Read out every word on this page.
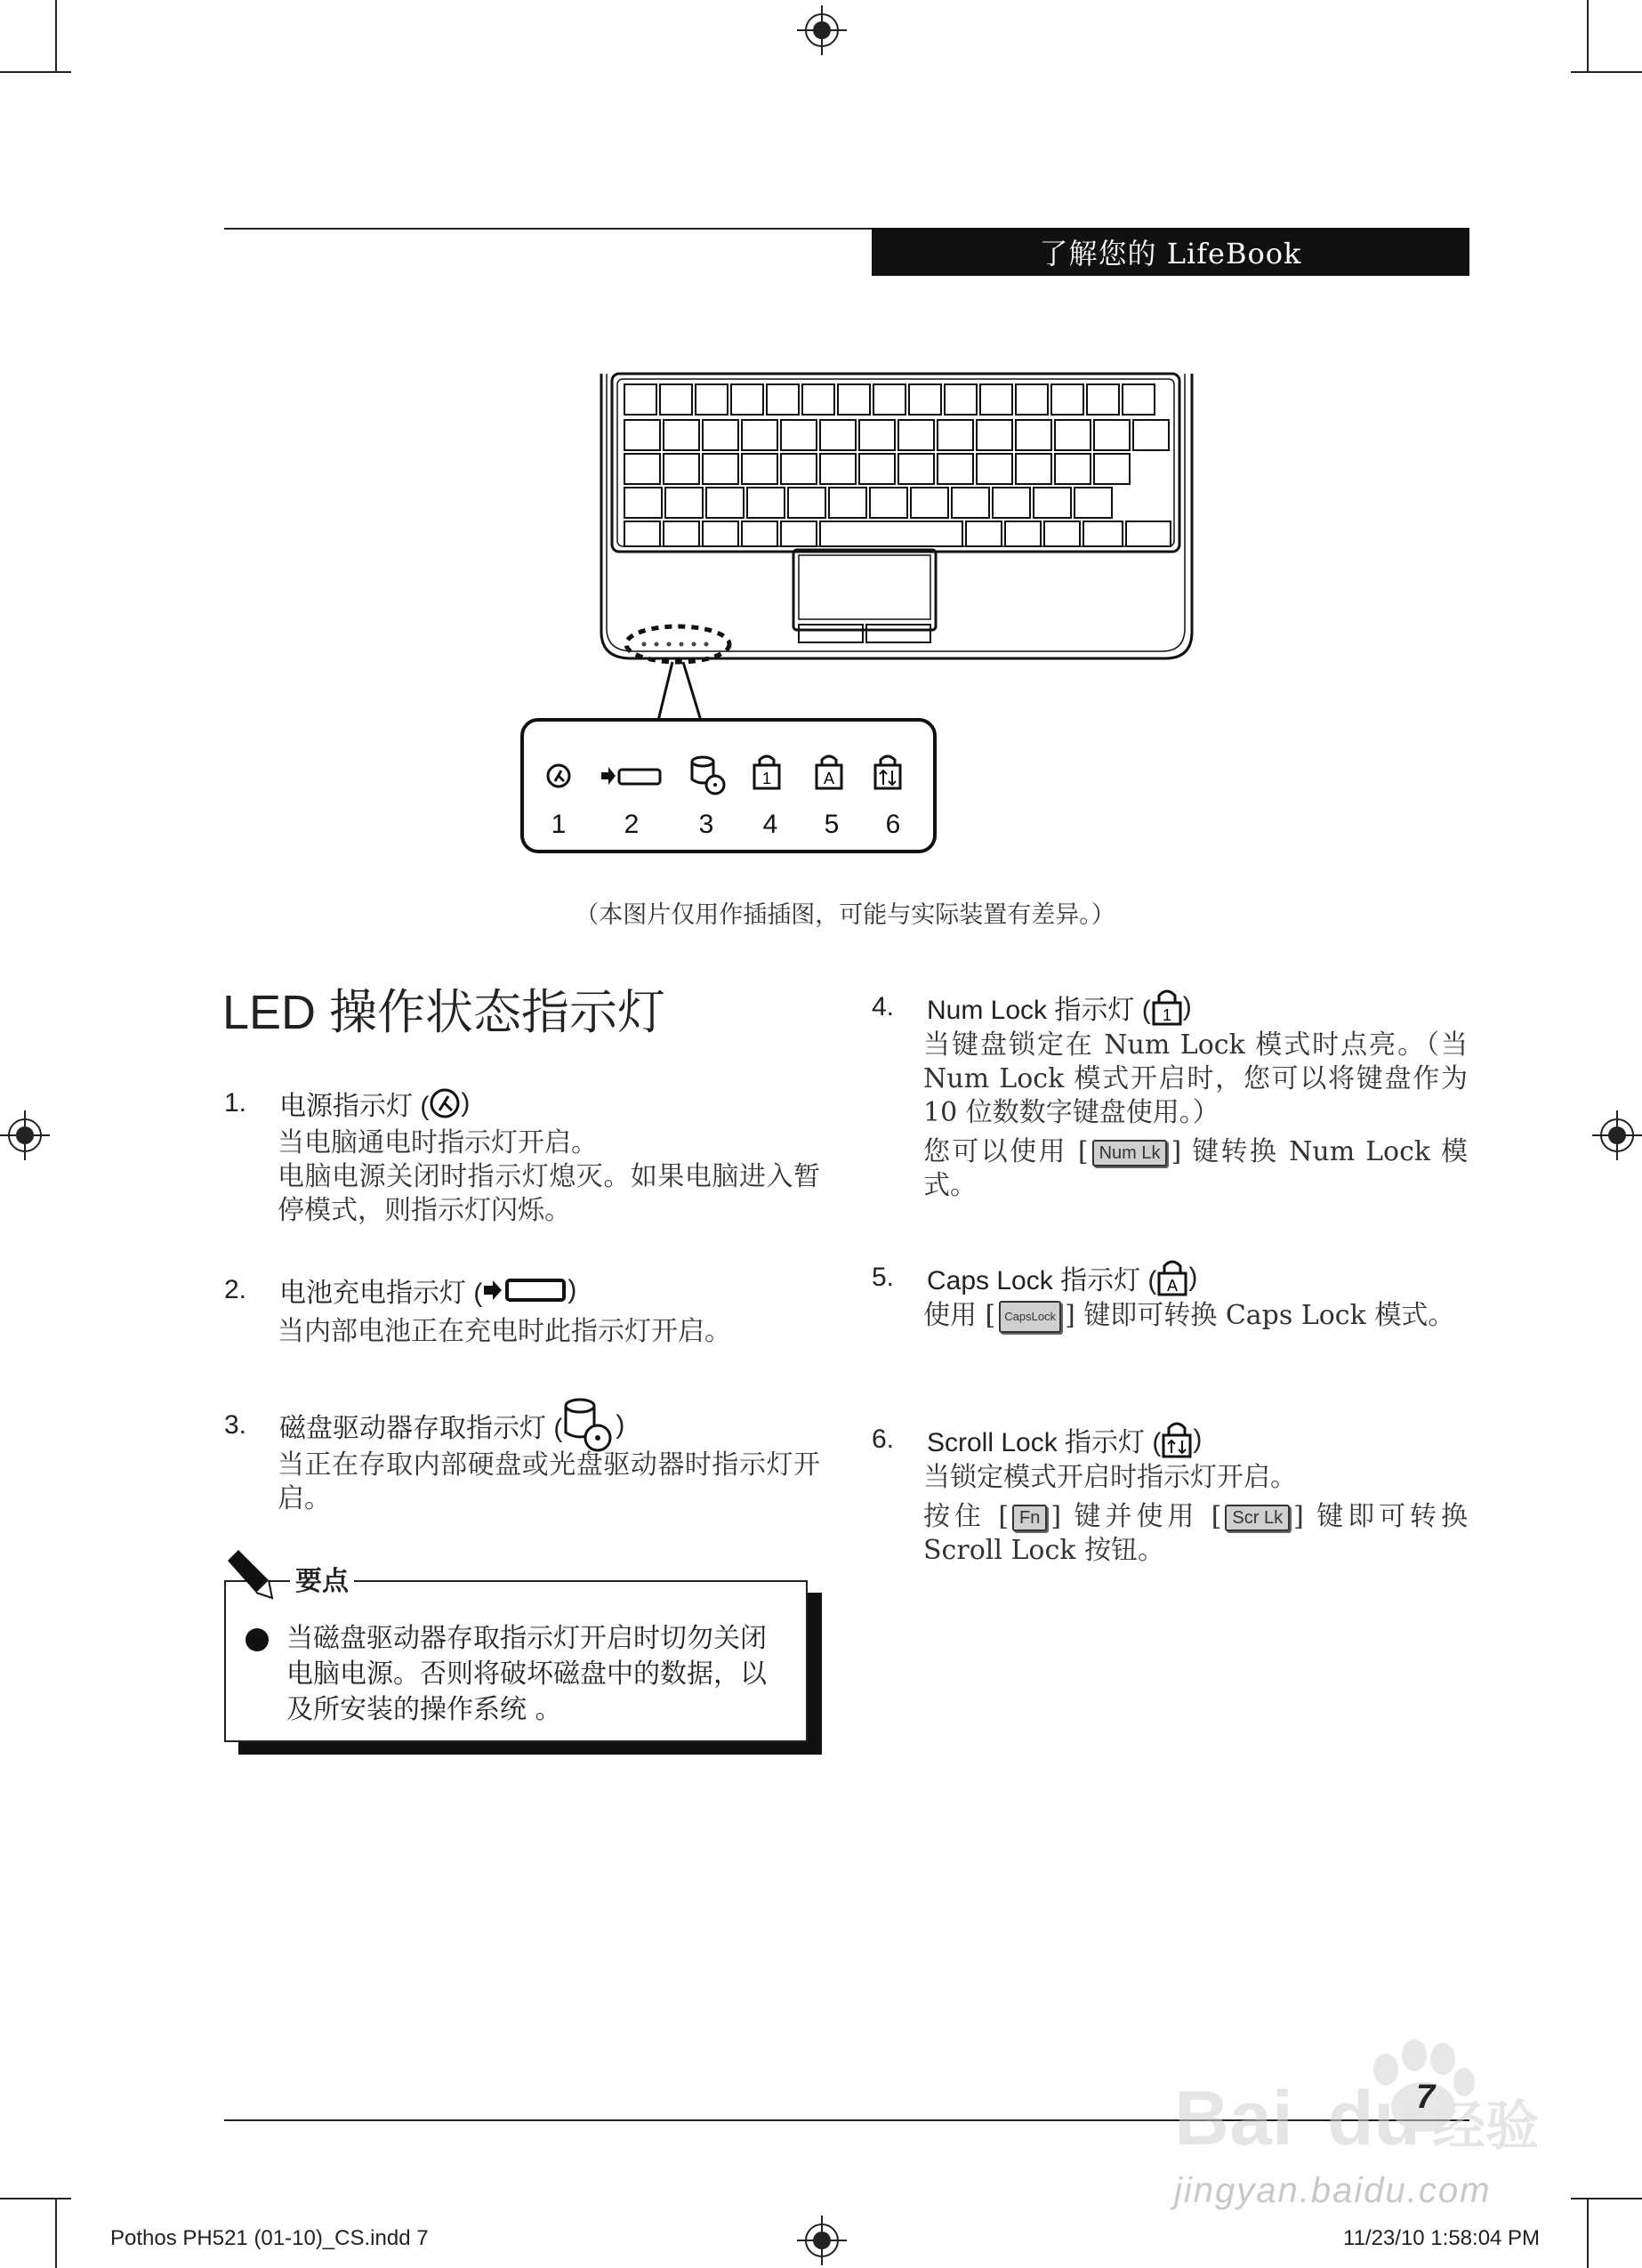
了解您的 LifeBook
1	A
1 2 3 4 5 6
（本图片仅用作插插图，可能与实际装置有差异。）
LED 操作状态指示灯
1.	电源指示灯 ( )
当电脑通电时指示灯开启。
电脑电源关闭时指示灯熄灭。如果电脑进入暂停模式，则指示灯闪烁。
2.	电池充电指示灯 (	)
当内部电池正在充电时此指示灯开启。
3.	磁盘驱动器存取指示灯 ( )
当正在存取内部硬盘或光盘驱动器时指示灯开启。
要点
当磁盘驱动器存取指示灯开启时切勿关闭电脑电源。否则将破坏磁盘中的数据，以及所安装的操作系统 。
4.	Num Lock 指示灯 ( 1 )
当键盘锁定在 Num Lock 模式时点亮。（当 Num Lock 模式开启时，您可以将键盘作为 10 位数数字键盘使用。）
您可以使用 [ Num Lk ] 键转换 Num Lock 模式。
5.	Caps Lock 指示灯 ( A )
使用 [ CapsLock ] 键即可转换 Caps Lock 模式。
6.	Scroll Lock 指示灯 ( )
当锁定模式开启时指示灯开启。
按住 [ Fn ] 键并使用 [ Scr Lk ] 键即可转换 Scroll Lock 按钮。
Bai du 经验
7
jingyan.baidu.com
Pothos PH521 (01-10)_CS.indd 7	11/23/10 1:58:04 PM
